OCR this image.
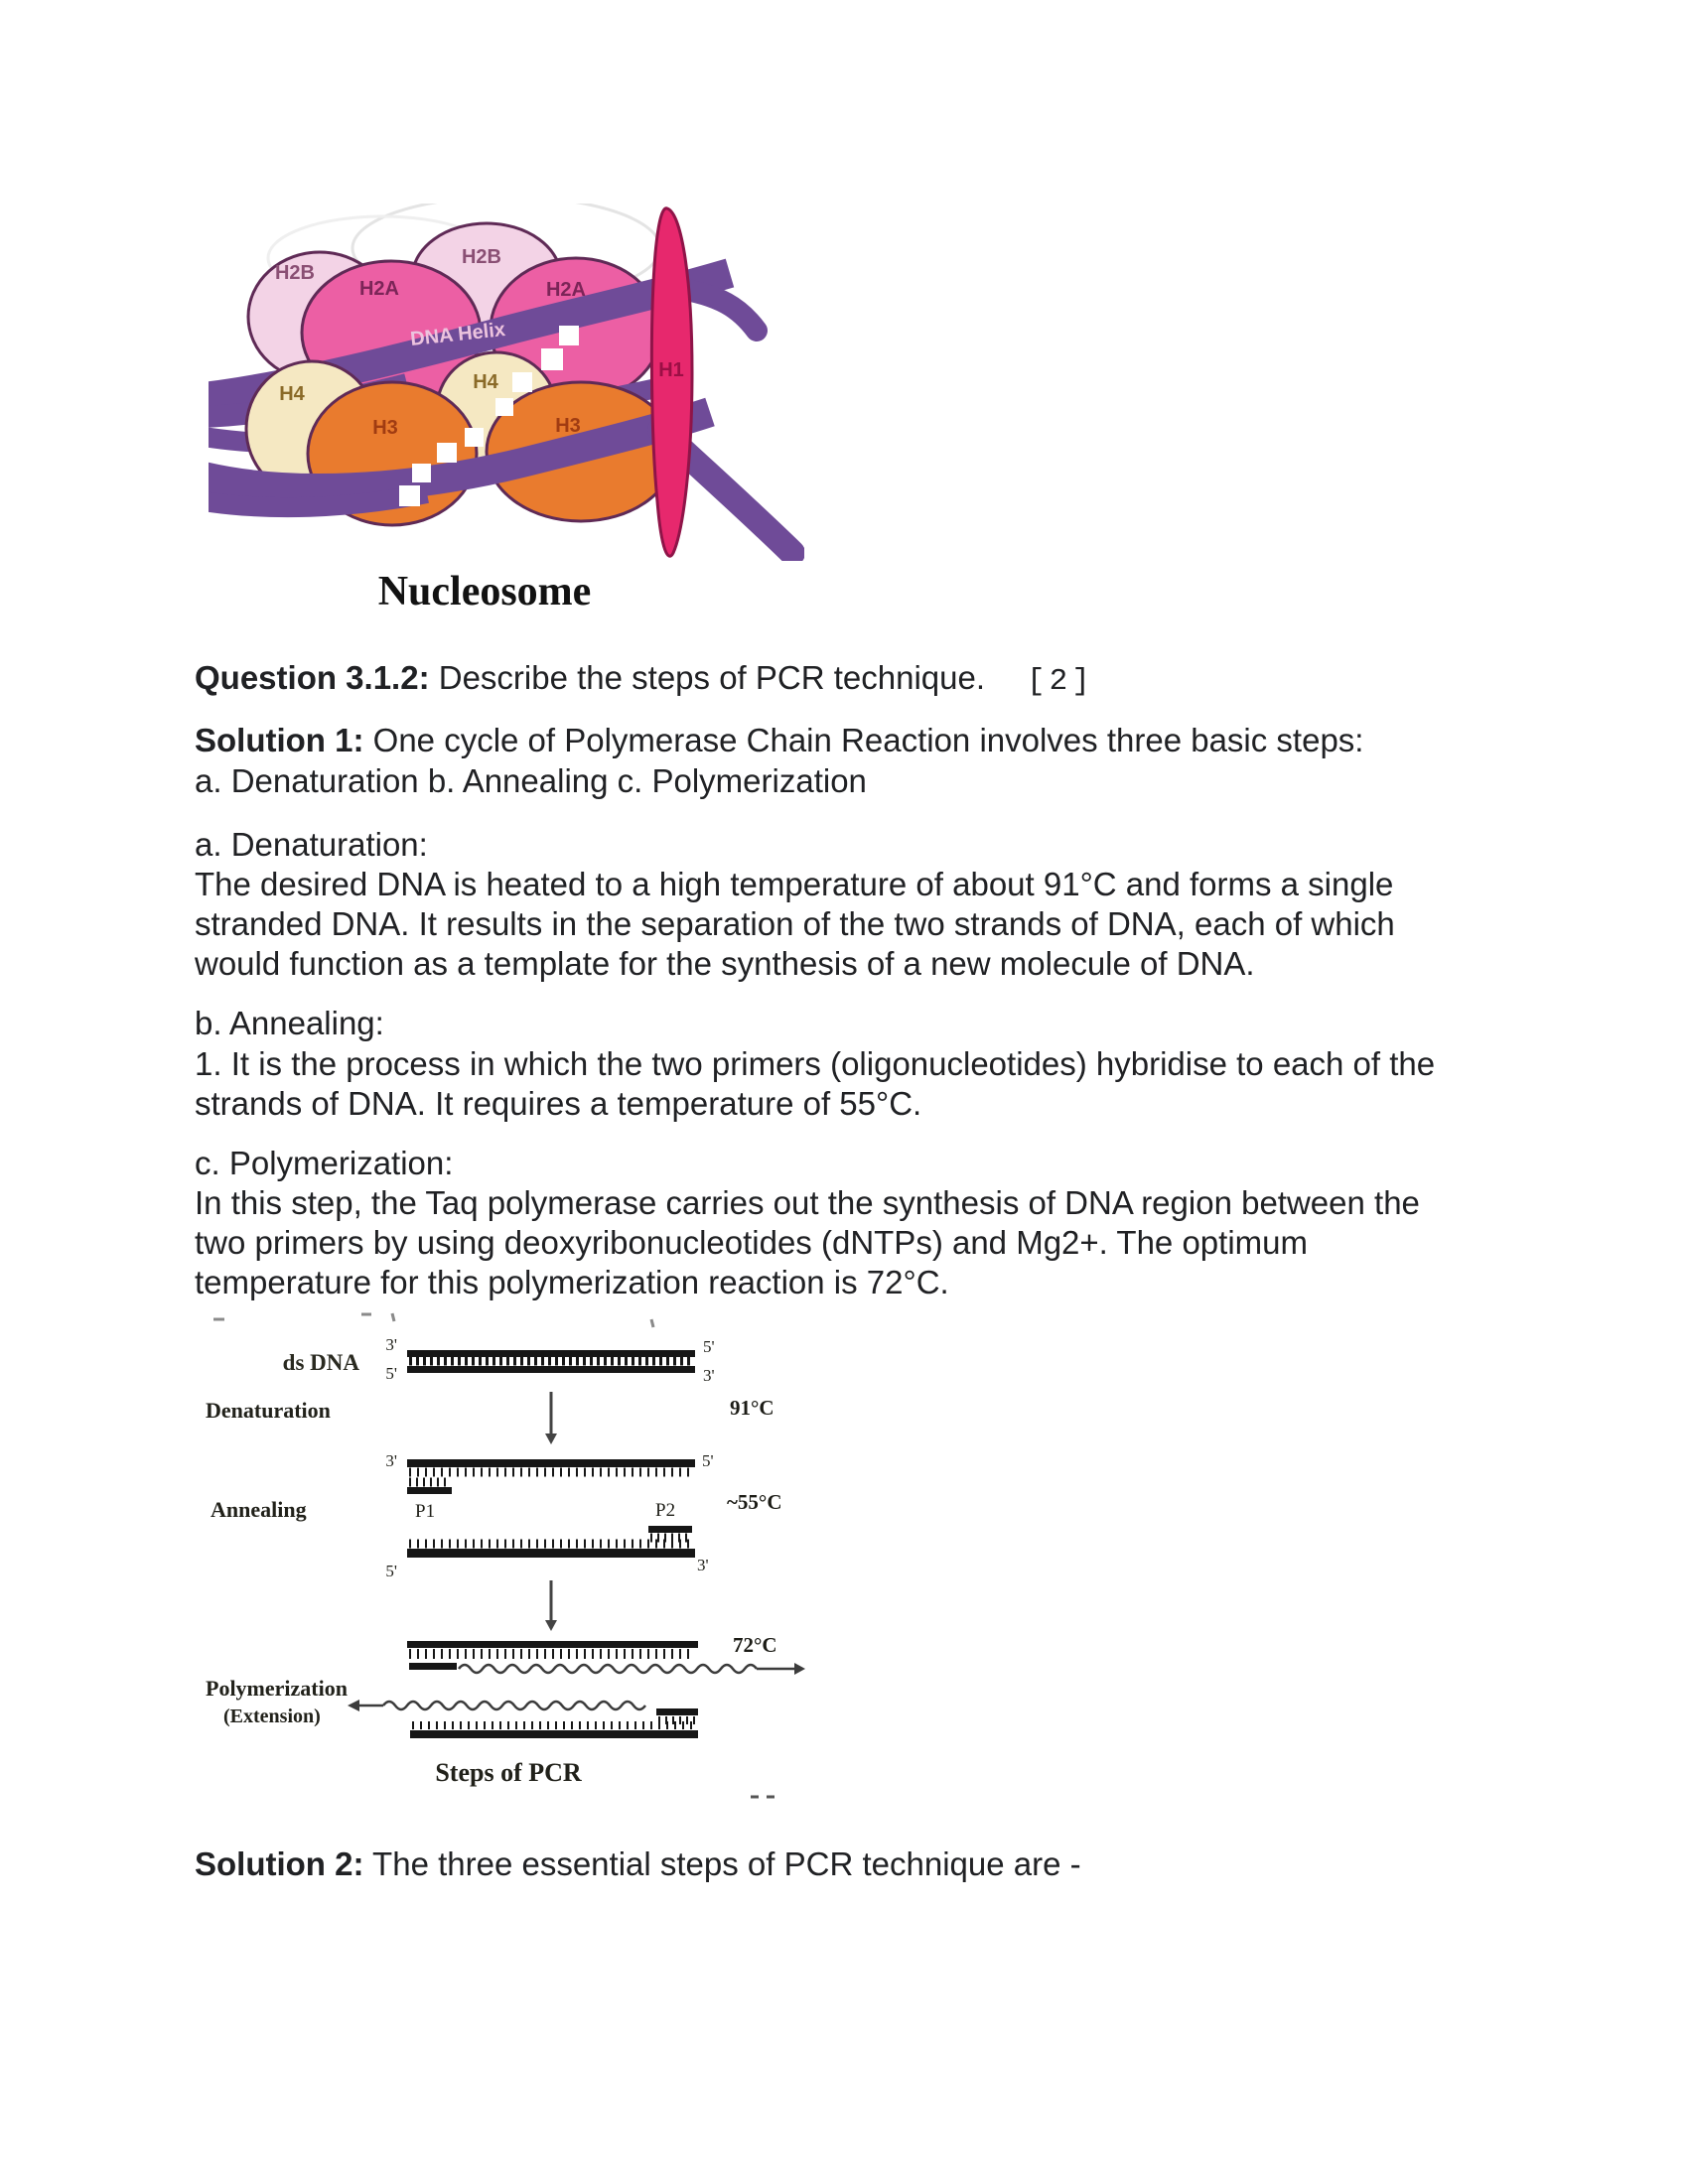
DNA Helix
H2B
H2A
H2B
H2A
H4
H4
H3	H3
H1
Nucleosome
Question 3.1.2: Describe the steps of PCR technique. [2]
Solution 1: One cycle of Polymerase Chain Reaction involves three basic steps:
a. Denaturation b. Annealing c. Polymerization
a. Denaturation:
The desired DNA is heated to a high temperature of about 91°C and forms a single
stranded DNA. It results in the separation of the two strands of DNA, each of which
would function as a template for the synthesis of a new molecule of DNA.
b. Annealing:
1. It is the process in which the two primers (oligonucleotides) hybridise to each of the
strands of DNA. It requires a temperature of 55°C.
c. Polymerization:
In this step, the Taq polymerase carries out the synthesis of DNA region between the
two primers by using deoxyribonucleotides (dNTPs) and Mg2+. The optimum
temperature for this polymerization reaction is 72°C.
ds DNA
3'
5'
5'
3'
Denaturation	91°C
3'	5'
P1
Annealing	~55°C
P2
5'	3'
72°C
Polymerization
(Extension)
Steps of PCR
Solution 2: The three essential steps of PCR technique are -
